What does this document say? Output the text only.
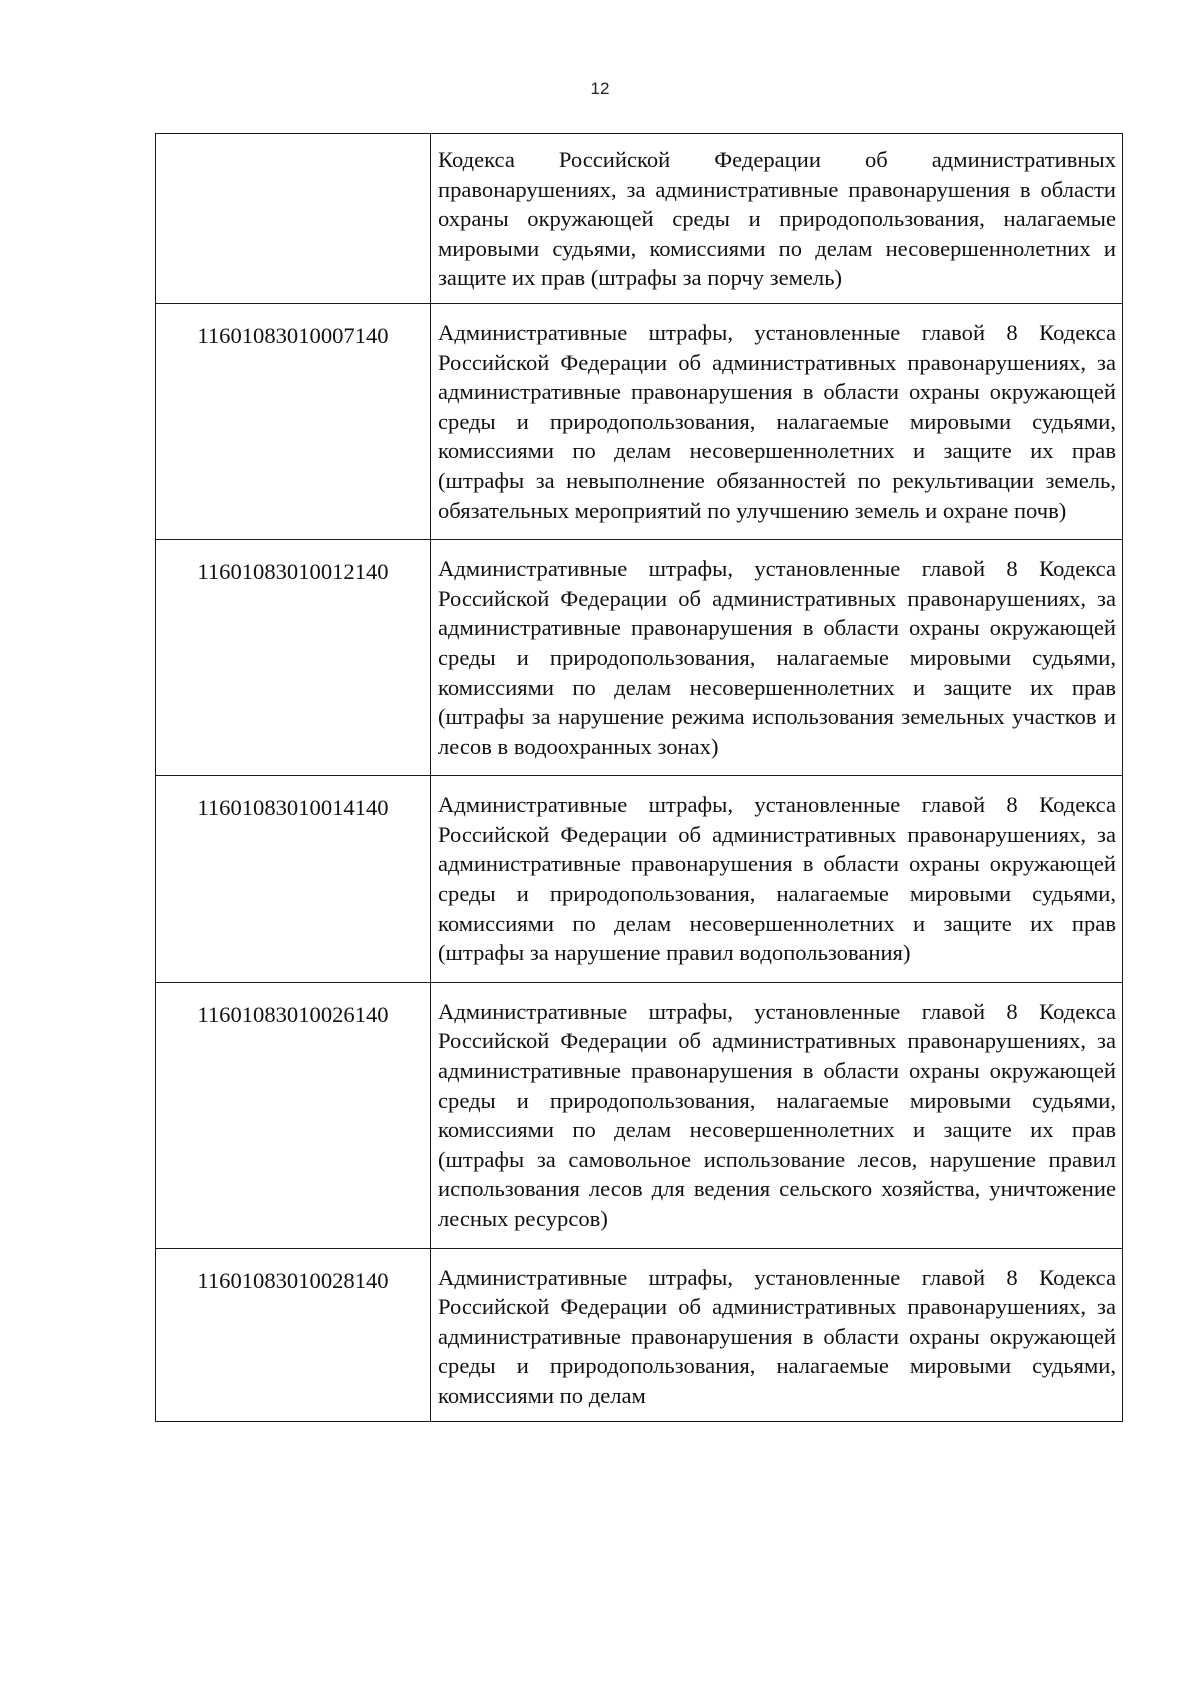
12
	Кодекса Российской Федерации об административных правонарушениях, за административные правонарушения в области охраны окружающей среды и природопользования, налагаемые мировыми судьями, комиссиями по делам несовершеннолетних и защите их прав (штрафы за порчу земель)
11601083010007140	Административные штрафы, установленные главой 8 Кодекса Российской Федерации об административных правонарушениях, за административные правонарушения в области охраны окружающей среды и природопользования, налагаемые мировыми судьями, комиссиями по делам несовершеннолетних и защите их прав (штрафы за невыполнение обязанностей по рекультивации земель, обязательных мероприятий по улучшению земель и охране почв)
11601083010012140	Административные штрафы, установленные главой 8 Кодекса Российской Федерации об административных правонарушениях, за административные правонарушения в области охраны окружающей среды и природопользования, налагаемые мировыми судьями, комиссиями по делам несовершеннолетних и защите их прав (штрафы за нарушение режима использования земельных участков и лесов в водоохранных зонах)
11601083010014140	Административные штрафы, установленные главой 8 Кодекса Российской Федерации об административных правонарушениях, за административные правонарушения в области охраны окружающей среды и природопользования, налагаемые мировыми судьями, комиссиями по делам несовершеннолетних и защите их прав (штрафы за нарушение правил водопользования)
11601083010026140	Административные штрафы, установленные главой 8 Кодекса Российской Федерации об административных правонарушениях, за административные правонарушения в области охраны окружающей среды и природопользования, налагаемые мировыми судьями, комиссиями по делам несовершеннолетних и защите их прав (штрафы за самовольное использование лесов, нарушение правил использования лесов для ведения сельского хозяйства, уничтожение лесных ресурсов)
11601083010028140	Административные штрафы, установленные главой 8 Кодекса Российской Федерации об административных правонарушениях, за административные правонарушения в области охраны окружающей среды и природопользования, налагаемые мировыми судьями, комиссиями по делам
